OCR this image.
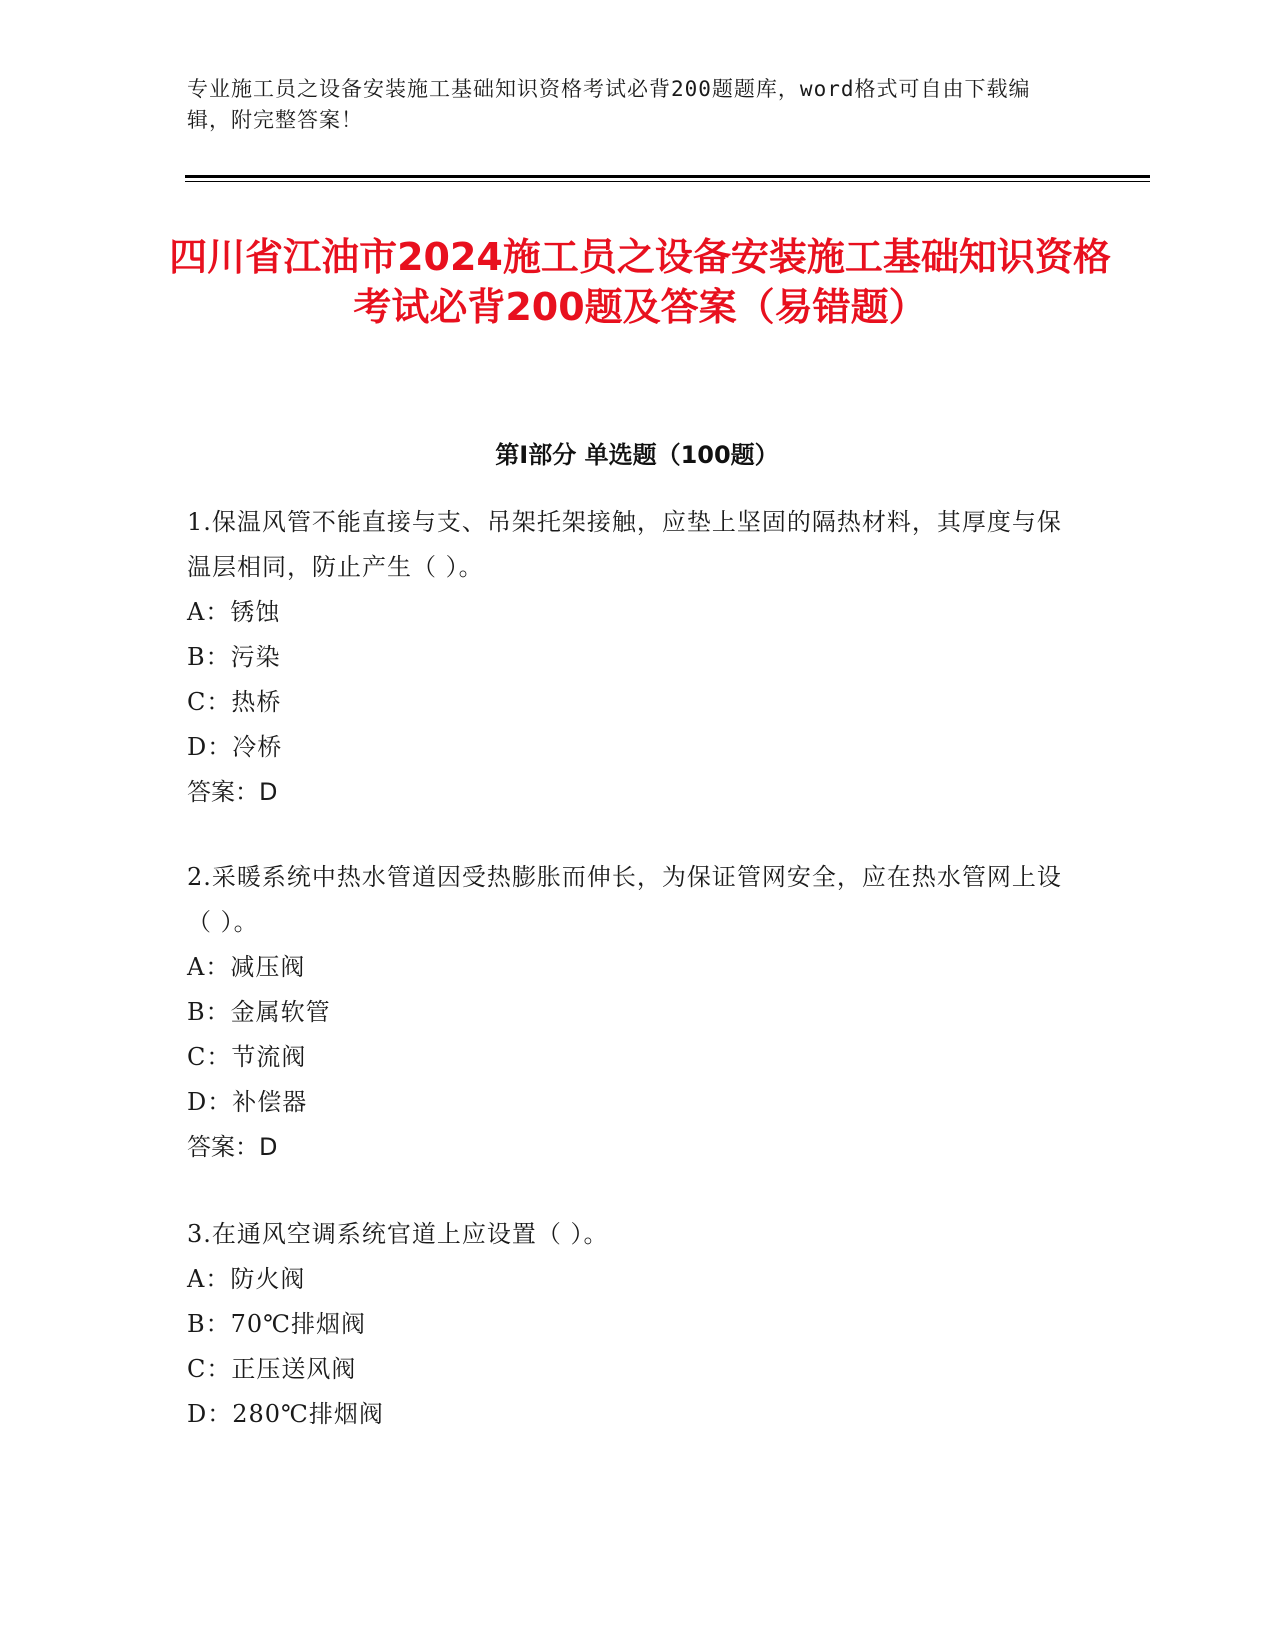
专业施工员之设备安装施工基础知识资格考试必背200题题库，word格式可自由下载编辑，附完整答案！
四川省江油市2024施工员之设备安装施工基础知识资格考试必背200题及答案（易错题）
第Ⅰ部分 单选题（100题）
1.保温风管不能直接与支、吊架托架接触，应垫上坚固的隔热材料，其厚度与保温层相同，防止产生（ ）。
A：锈蚀
B：污染
C：热桥
D：冷桥
答案：D
2.采暖系统中热水管道因受热膨胀而伸长，为保证管网安全，应在热水管网上设（ ）。
A：减压阀
B：金属软管
C：节流阀
D：补偿器
答案：D
3.在通风空调系统官道上应设置（ ）。
A：防火阀
B：70℃排烟阀
C：正压送风阀
D：280℃排烟阀
